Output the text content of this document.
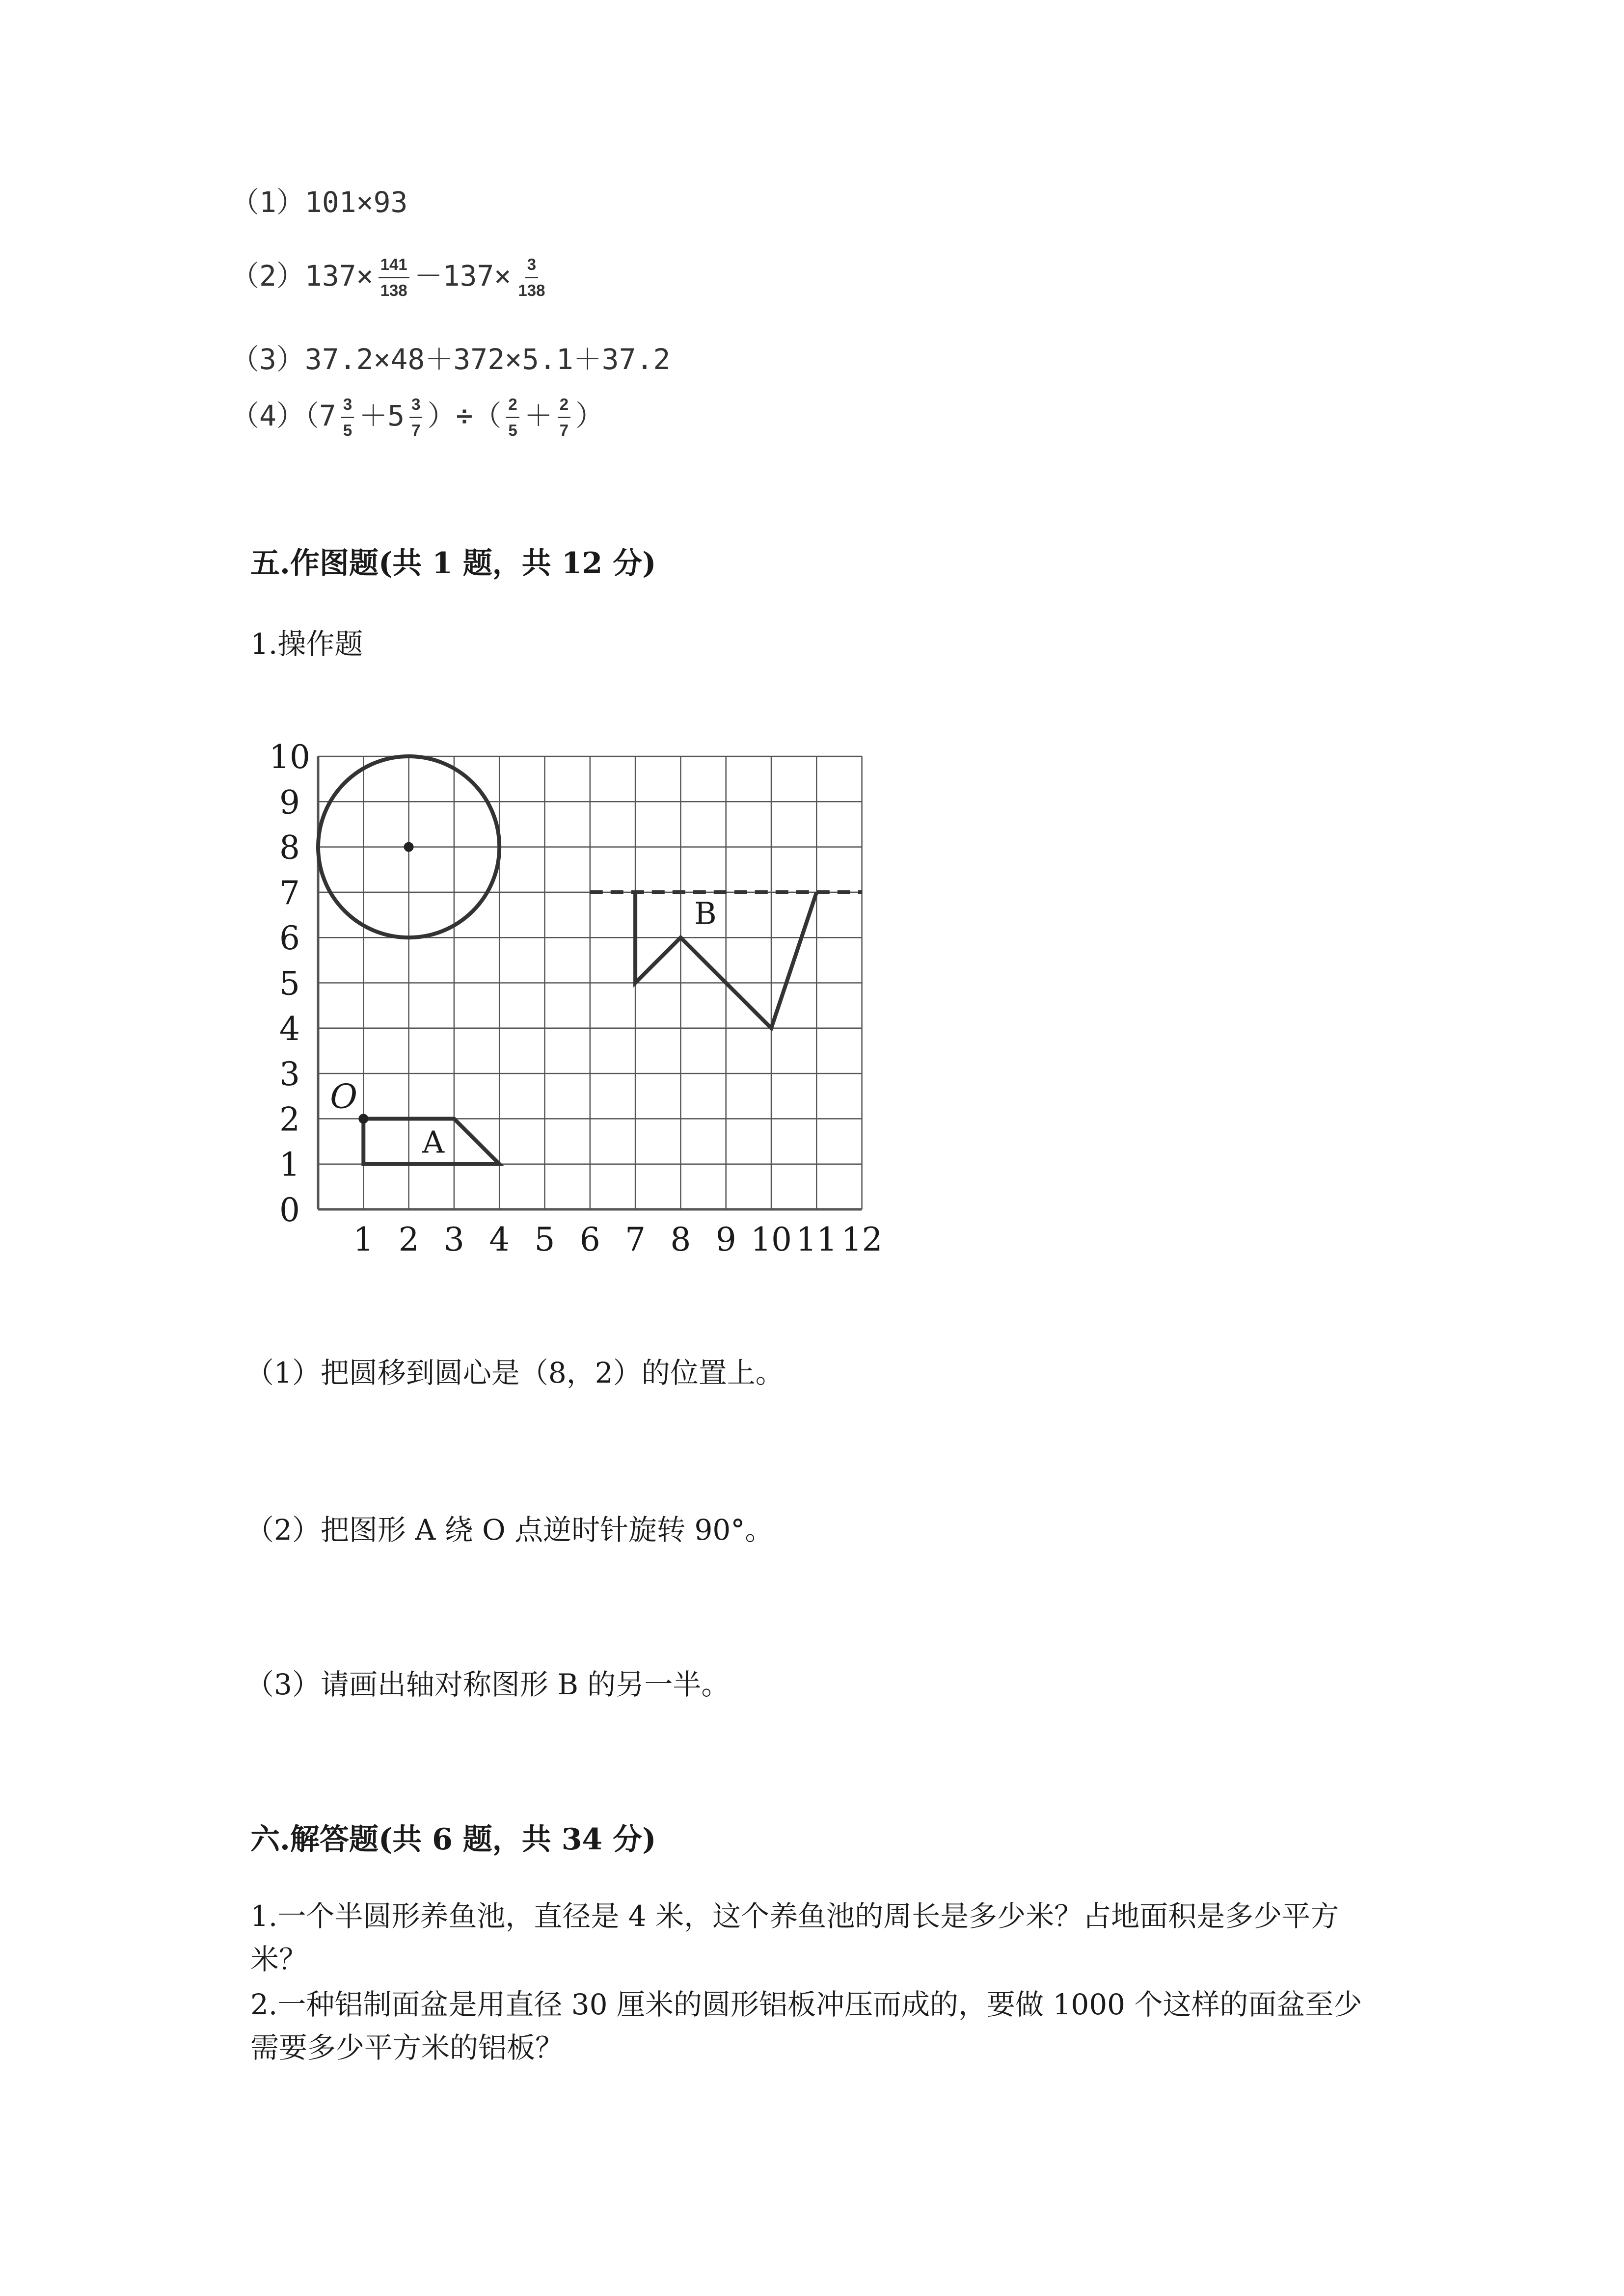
（1）101×93
$(2)137\times \frac{141}{138} -137\times \frac{3}{138}$
（3）37.2×48＋372×5.1＋37.2
$(4)(7 \frac{3}{5} +5 \frac{3}{7}$ ）÷（ $\frac{2}{5} + \frac{2}{7}$ ）
五.作图题(共 1 题，共 12 分)
1.操作题
0
1
2
3
4
5
6
7
8
9
10
1 2 3 4 5 6 7 8 9 10 11 12
A
O
B
（1）把圆移到圆心是（8，2）的位置上。
（2）把图形 A 绕 O 点逆时针旋转 90°。
（3）请画出轴对称图形 B 的另一半。
六.解答题(共 6 题，共 34 分)
1.一个半圆形养鱼池，直径是 4 米，这个养鱼池的周长是多少米？占地面积是多少平方米？
2.一种铝制面盆是用直径 30 厘米的圆形铝板冲压而成的，要做 1000 个这样的面盆至少需要多少平方米的铝板？
